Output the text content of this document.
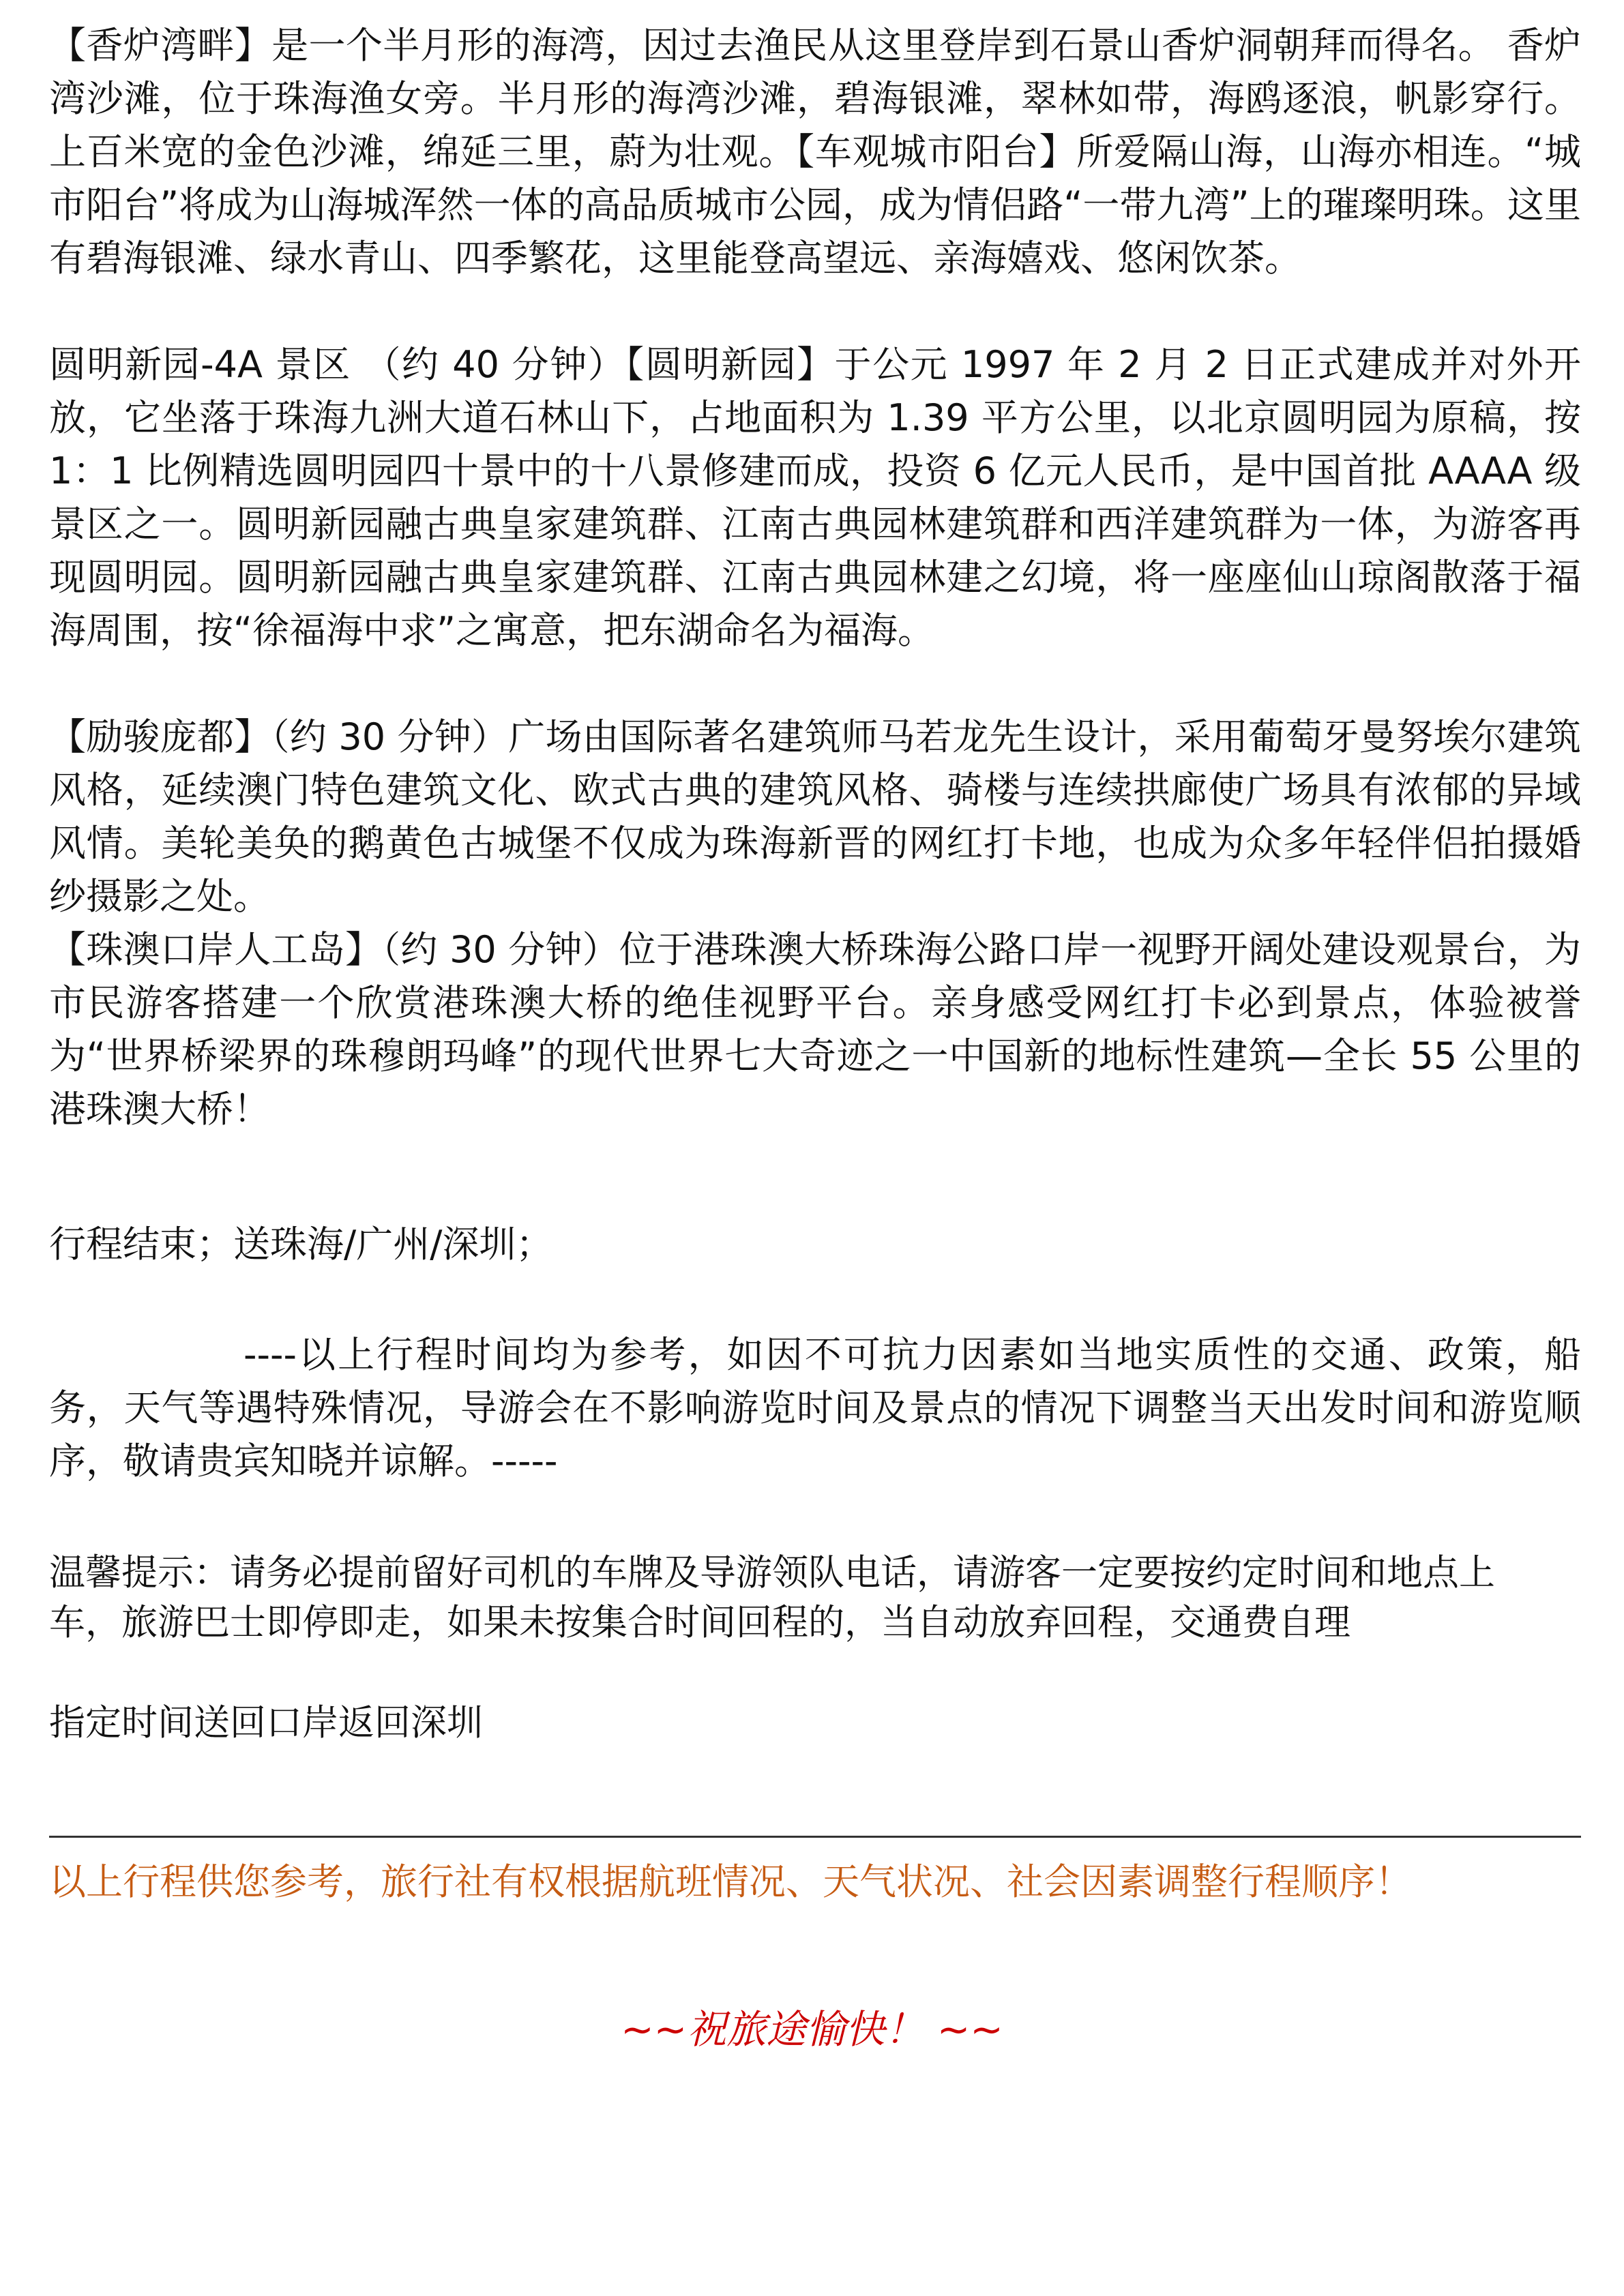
【香炉湾畔】是一个半月形的海湾，因过去渔民从这里登岸到石景山香炉洞朝拜而得名。 香炉湾沙滩，位于珠海渔女旁。半月形的海湾沙滩，碧海银滩，翠林如带，海鸥逐浪，帆影穿行。上百米宽的金色沙滩，绵延三里，蔚为壮观。【车观城市阳台】所爱隔山海，山海亦相连。“城市阳台”将成为山海城浑然一体的高品质城市公园，成为情侣路“一带九湾”上的璀璨明珠。这里有碧海银滩、绿水青山、四季繁花，这里能登高望远、亲海嬉戏、悠闲饮茶。

圆明新园-4A 景区 （约 40 分钟）【圆明新园】于公元 1997 年 2 月 2 日正式建成并对外开放，它坐落于珠海九洲大道石林山下，占地面积为 1.39 平方公里，以北京圆明园为原稿，按 1：1 比例精选圆明园四十景中的十八景修建而成，投资 6 亿元人民币，是中国首批 AAAA 级景区之一。圆明新园融古典皇家建筑群、江南古典园林建筑群和西洋建筑群为一体，为游客再现圆明园。圆明新园融古典皇家建筑群、江南古典园林建之幻境，将一座座仙山琼阁散落于福海周围，按“徐福海中求”之寓意，把东湖命名为福海。

【励骏庞都】（约 30 分钟）广场由国际著名建筑师马若龙先生设计，采用葡萄牙曼努埃尔建筑风格，延续澳门特色建筑文化、欧式古典的建筑风格、骑楼与连续拱廊使广场具有浓郁的异域风情。美轮美奂的鹅黄色古城堡不仅成为珠海新晋的网红打卡地，也成为众多年轻伴侣拍摄婚纱摄影之处。

【珠澳口岸人工岛】（约 30 分钟）位于港珠澳大桥珠海公路口岸一视野开阔处建设观景台，为市民游客搭建一个欣赏港珠澳大桥的绝佳视野平台。亲身感受网红打卡必到景点，体验被誉为“世界桥梁界的珠穆朗玛峰”的现代世界七大奇迹之一中国新的地标性建筑—全长 55 公里的港珠澳大桥！

行程结束；送珠海/广州/深圳；

----以上行程时间均为参考，如因不可抗力因素如当地实质性的交通、政策，船务，天气等遇特殊情况，导游会在不影响游览时间及景点的情况下调整当天出发时间和游览顺序，敬请贵宾知晓并谅解。-----

温馨提示：请务必提前留好司机的车牌及导游领队电话，请游客一定要按约定时间和地点上车，旅游巴士即停即走，如果未按集合时间回程的，当自动放弃回程，交通费自理

指定时间送回口岸返回深圳

以上行程供您参考，旅行社有权根据航班情况、天气状况、社会因素调整行程顺序！
~~祝旅途愉快！ ~~
